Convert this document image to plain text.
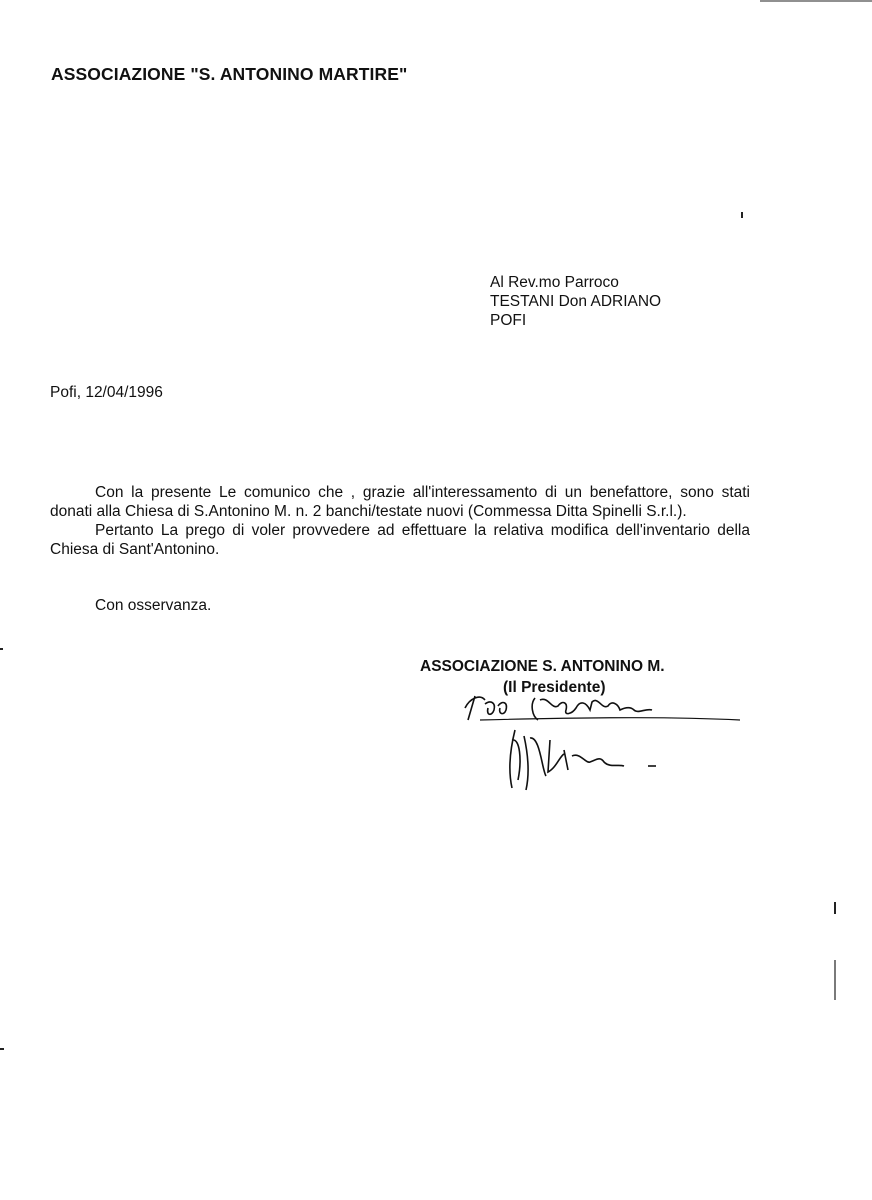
ASSOCIAZIONE "S. ANTONINO MARTIRE"
Al Rev.mo Parroco
TESTANI Don ADRIANO
POFI
Pofi, 12/04/1996

Con la presente Le comunico che , grazie all'interessamento di un benefattore, sono stati donati alla Chiesa di S.Antonino M. n. 2 banchi/testate nuovi (Commessa Ditta Spinelli S.r.l.).

Pertanto La prego di voler provvedere ad effettuare la relativa modifica dell'inventario della Chiesa di Sant'Antonino.

Con osservanza.
ASSOCIAZIONE S. ANTONINO M.
(Il Presidente)
